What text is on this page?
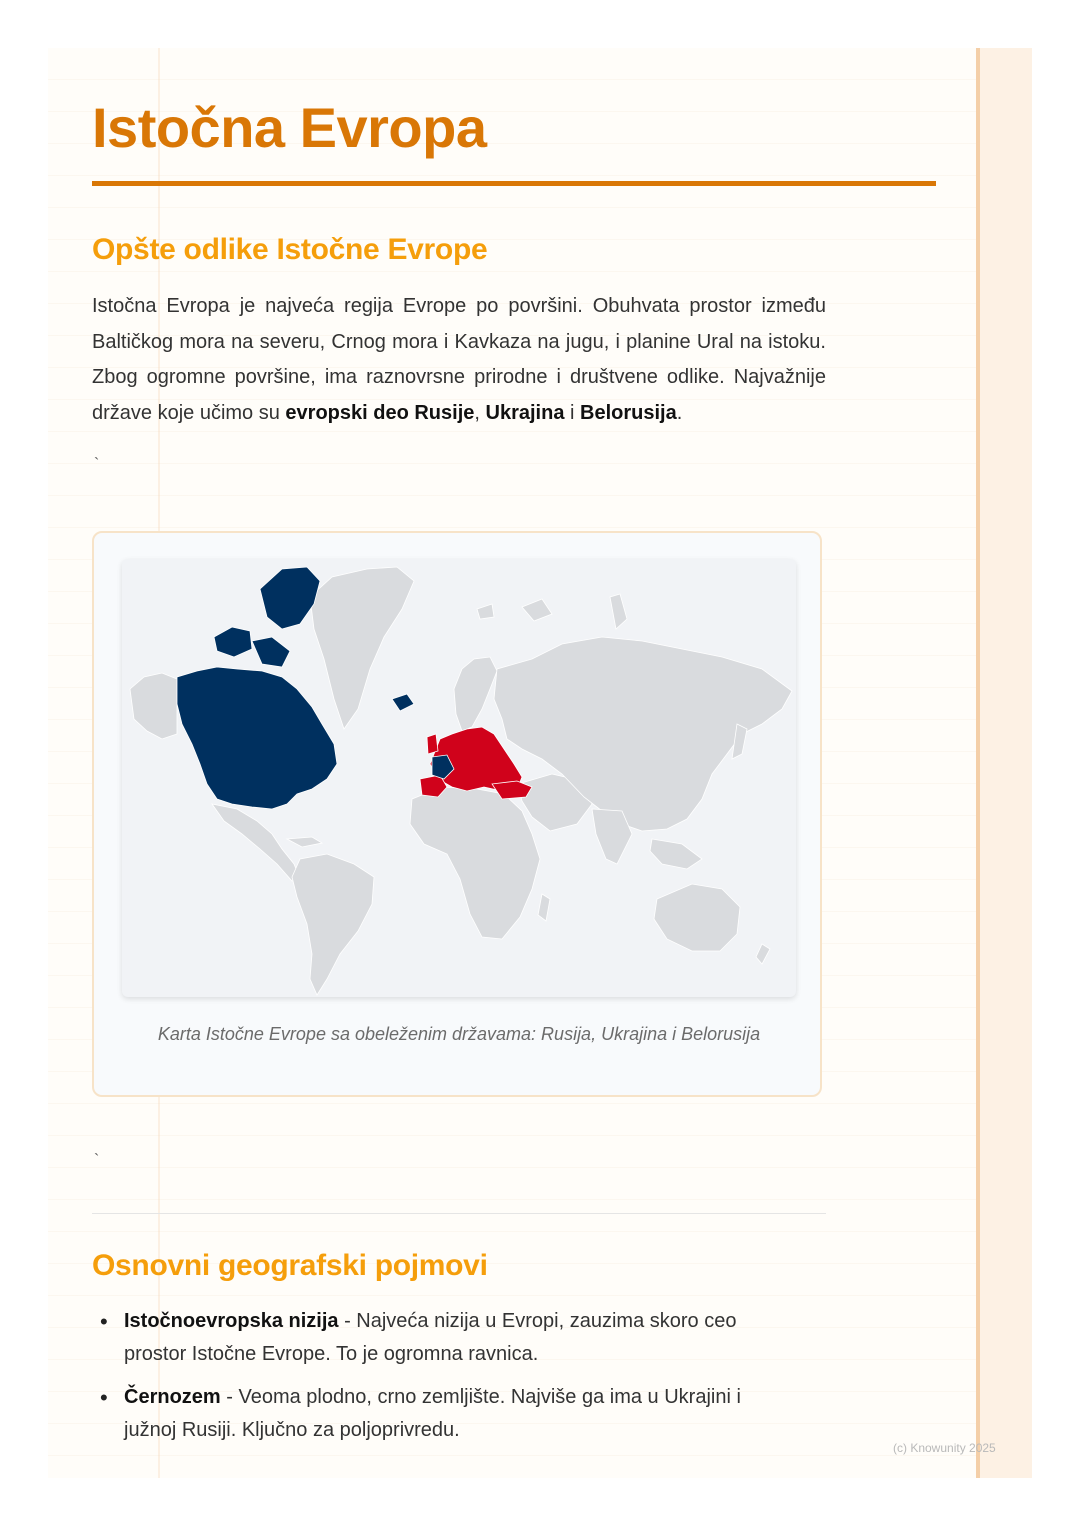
Istočna Evropa
Opšte odlike Istočne Evrope

Istočna Evropa je najveća regija Evrope po površini. Obuhvata prostor između Baltičkog mora na severu, Crnog mora i Kavkaza na jugu, i planine Ural na istoku. Zbog ogromne površine, ima raznovrsne prirodne i društvene odlike. Najvažnije države koje učimo su evropski deo Rusije, Ukrajina i Belorusija.

`

Karta Istočne Evrope sa obeleženim državama: Rusija, Ukrajina i Belorusija

`
Osnovni geografski pojmovi
• Istočnoevropska nizija - Najveća nizija u Evropi, zauzima skoro ceo prostor Istočne Evrope. To je ogromna ravnica.
• Černozem - Veoma plodno, crno zemljište. Najviše ga ima u Ukrajini i južnoj Rusiji. Ključno za poljoprivredu.
(c) Knowunity 2025
